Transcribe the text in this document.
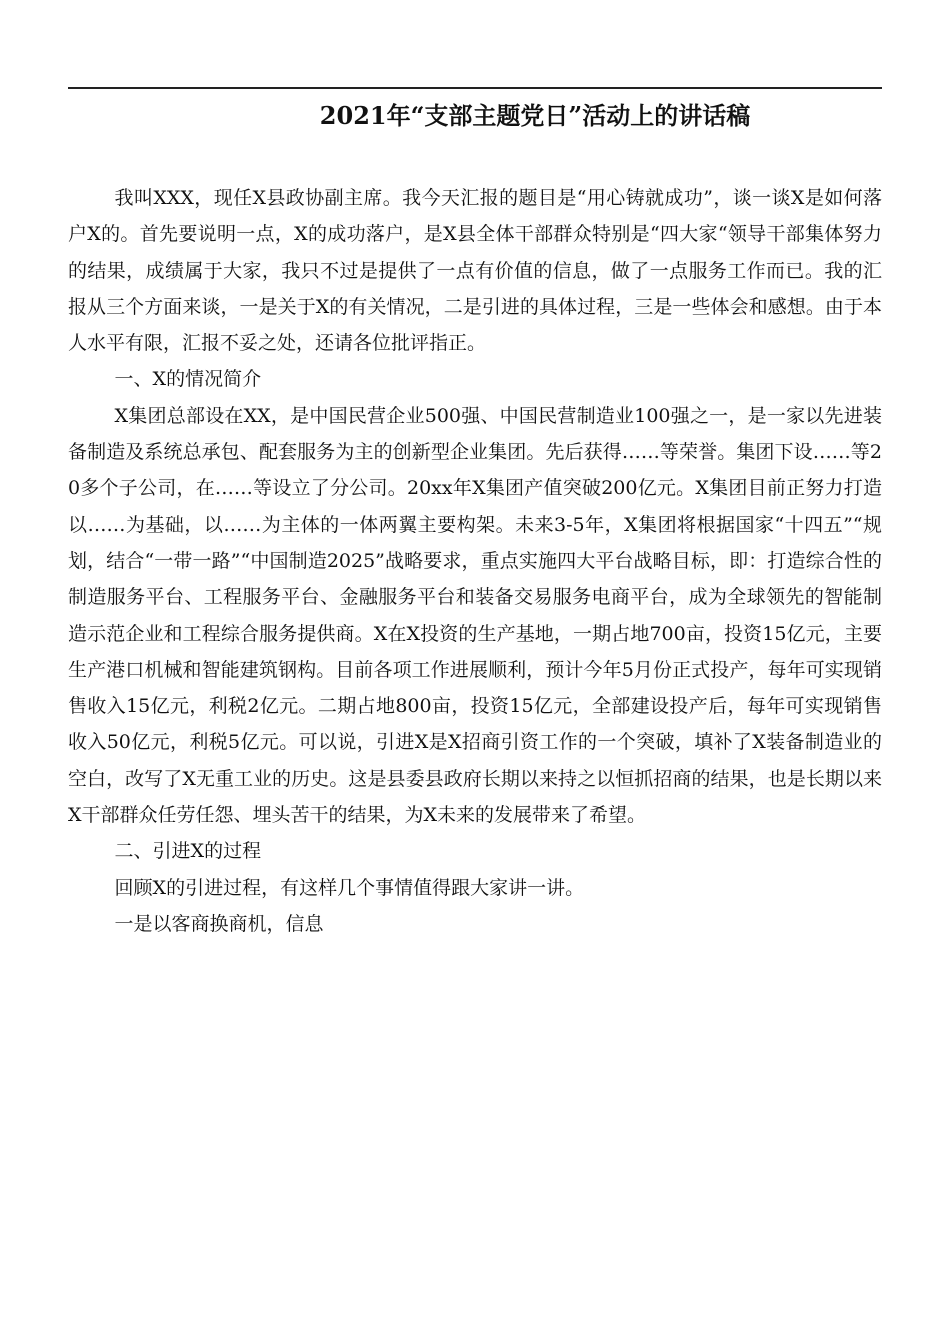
2021年“支部主题党日”活动上的讲话稿

我叫XXX，现任X县政协副主席。我今天汇报的题目是“用心铸就成功”，谈一谈X是如何落户X的。首先要说明一点，X的成功落户，是X县全体干部群众特别是“四大家“领导干部集体努力的结果，成绩属于大家，我只不过是提供了一点有价值的信息，做了一点服务工作而已。我的汇报从三个方面来谈，一是关于X的有关情况，二是引进的具体过程，三是一些体会和感想。由于本人水平有限，汇报不妥之处，还请各位批评指正。

一、X的情况简介

X集团总部设在XX，是中国民营企业500强、中国民营制造业100强之一，是一家以先进装备制造及系统总承包、配套服务为主的创新型企业集团。先后获得……等荣誉。集团下设……等20多个子公司，在……等设立了分公司。20xx年X集团产值突破200亿元。X集团目前正努力打造以……为基础，以……为主体的一体两翼主要构架。未来3-5年，X集团将根据国家“十四五”“规划，结合“一带一路”“中国制造2025”战略要求，重点实施四大平台战略目标，即：打造综合性的制造服务平台、工程服务平台、金融服务平台和装备交易服务电商平台，成为全球领先的智能制造示范企业和工程综合服务提供商。X在X投资的生产基地，一期占地700亩，投资15亿元，主要生产港口机械和智能建筑钢构。目前各项工作进展顺利，预计今年5月份正式投产，每年可实现销售收入15亿元，利税2亿元。二期占地800亩，投资15亿元，全部建设投产后，每年可实现销售收入50亿元，利税5亿元。可以说，引进X是X招商引资工作的一个突破，填补了X装备制造业的空白，改写了X无重工业的历史。这是县委县政府长期以来持之以恒抓招商的结果，也是长期以来X干部群众任劳任怨、埋头苦干的结果，为X未来的发展带来了希望。

二、引进X的过程

回顾X的引进过程，有这样几个事情值得跟大家讲一讲。

一是以客商换商机，信息
